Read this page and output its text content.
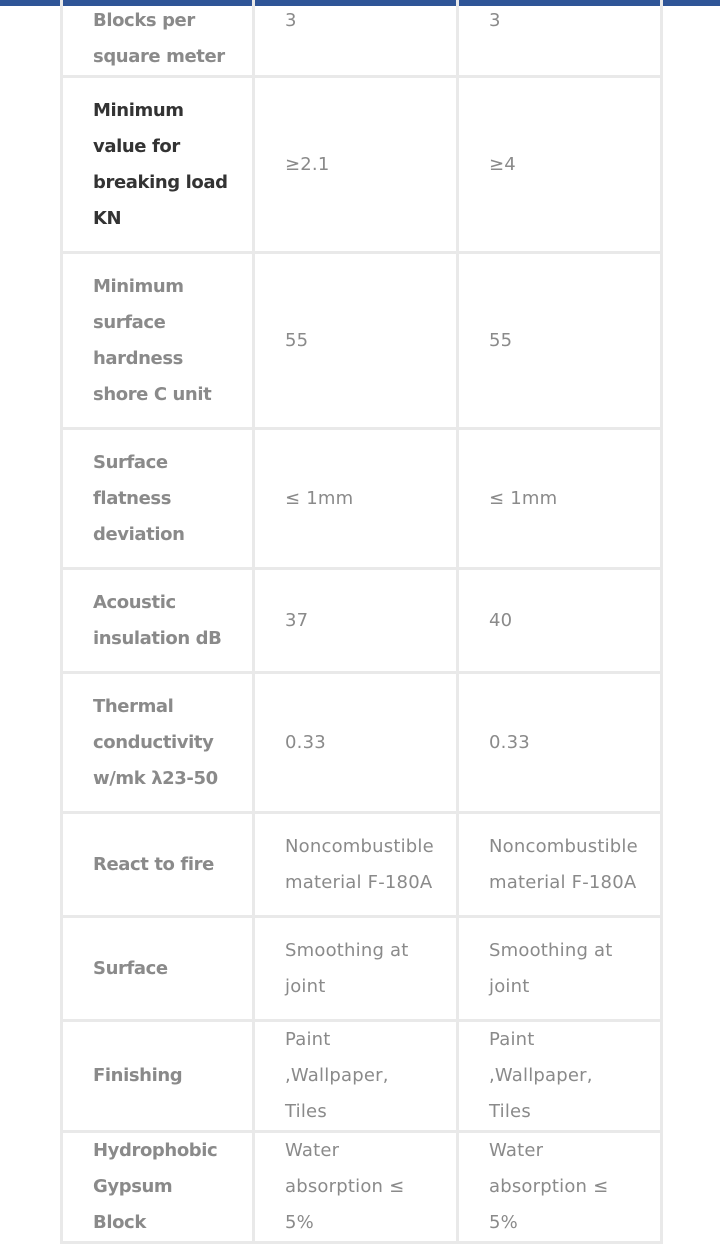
Blocks per square meter	3	3
Minimum value for breaking load KN	≥2.1	≥4
Minimum surface hardness shore C unit	55	55
Surface flatness deviation	≤ 1mm	≤ 1mm
Acoustic insulation dB	37	40
Thermal conductivity w/mk λ23-50	0.33	0.33
React to fire	Noncombustible material F-180A	Noncombustible material F-180A
Surface	Smoothing at joint	Smoothing at joint
Finishing	Paint ,Wallpaper, Tiles	Paint ,Wallpaper, Tiles
Hydrophobic Gypsum Block	Water absorption ≤ 5%	Water absorption ≤ 5%
